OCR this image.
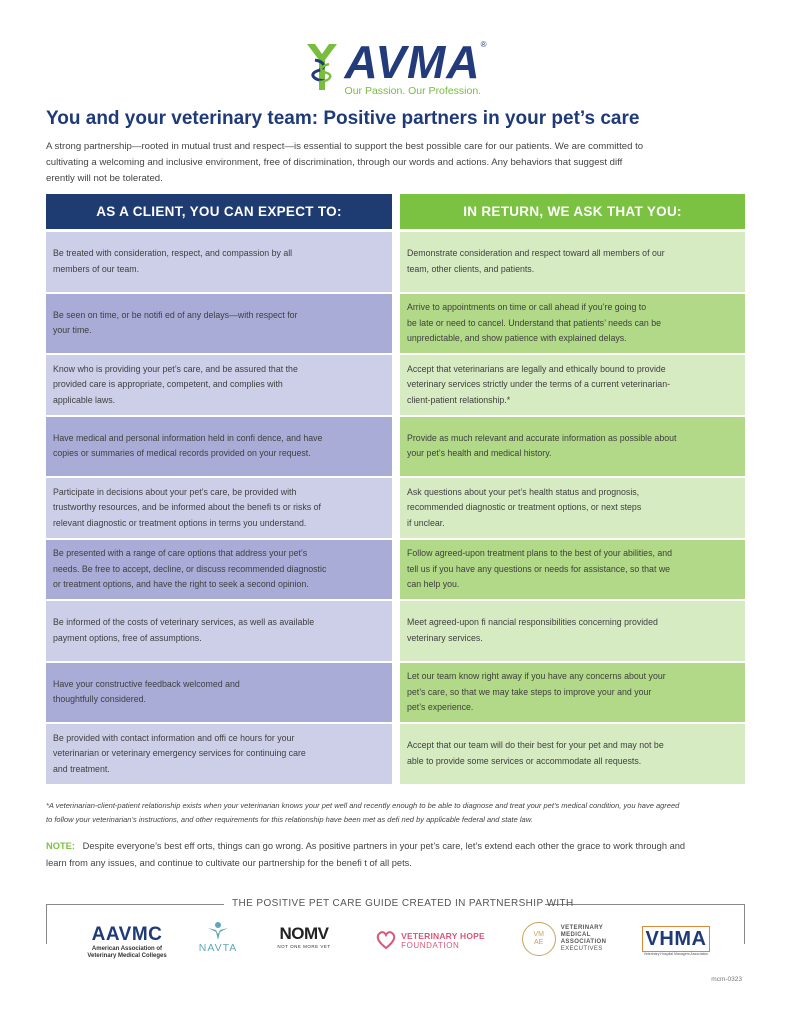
AVMA®
Our Passion. Our Profession.
You and your veterinary team: Positive partners in your pet’s care

A strong partnership—rooted in mutual trust and respect—is essential to support the best possible care for our patients. We are committed to cultivating a welcoming and inclusive environment, free of discrimination, through our words and actions. Any behaviors that suggest diff erently will not be tolerated.

AS A CLIENT, YOU CAN EXPECT TO:	IN RETURN, WE ASK THAT YOU:
Be treated with consideration, respect, and compassion by all
members of our team.
Demonstrate consideration and respect toward all members of our
team, other clients, and patients.
Be seen on time, or be notifi ed of any delays—with respect for
your time.
Arrive to appointments on time or call ahead if you’re going to
be late or need to cancel. Understand that patients’ needs can be
unpredictable, and show patience with explained delays.
Know who is providing your pet’s care, and be assured that the
provided care is appropriate, competent, and complies with
applicable laws.
Accept that veterinarians are legally and ethically bound to provide
veterinary services strictly under the terms of a current veterinarian-
client-patient relationship.*
Have medical and personal information held in confi dence, and have
copies or summaries of medical records provided on your request.
Provide as much relevant and accurate information as possible about
your pet’s health and medical history.
Participate in decisions about your pet’s care, be provided with
trustworthy resources, and be informed about the benefi ts or risks of
relevant diagnostic or treatment options in terms you understand.
Ask questions about your pet’s health status and prognosis,
recommended diagnostic or treatment options, or next steps
if unclear.
Be presented with a range of care options that address your pet’s
needs. Be free to accept, decline, or discuss recommended diagnostic
or treatment options, and have the right to seek a second opinion.
Follow agreed-upon treatment plans to the best of your abilities, and
tell us if you have any questions or needs for assistance, so that we
can help you.
Be informed of the costs of veterinary services, as well as available
payment options, free of assumptions.
Meet agreed-upon fi nancial responsibilities concerning provided
veterinary services.
Have your constructive feedback welcomed and
thoughtfully considered.
Let our team know right away if you have any concerns about your
pet’s care, so that we may take steps to improve your and your
pet’s experience.
Be provided with contact information and offi ce hours for your
veterinarian or veterinary emergency services for continuing care
and treatment.
Accept that our team will do their best for your pet and may not be
able to provide some services or accommodate all requests.

*A veterinarian-client-patient relationship exists when your veterinarian knows your pet well and recently enough to be able to diagnose and treat your pet’s medical condition, you have agreed to follow your veterinarian’s instructions, and other requirements for this relationship have been met as defi ned by applicable federal and state law.

NOTE: Despite everyone’s best eff orts, things can go wrong. As positive partners in your pet’s care, let’s extend each other the grace to work through and learn from any issues, and continue to cultivate our partnership for the benefi t of all pets.

THE POSITIVE PET CARE GUIDE CREATED IN PARTNERSHIP WITH
AAVMC
American Association of
Veterinary Medical Colleges
NAVTA
NOMV
NOT ONE MORE VET
VETERINARY HOPE
FOUNDATION
VM
AE
VETERINARY
MEDICAL
ASSOCIATION
EXECUTIVES VHMA
Veterinary Hospital Managers Association
mcm-0323
